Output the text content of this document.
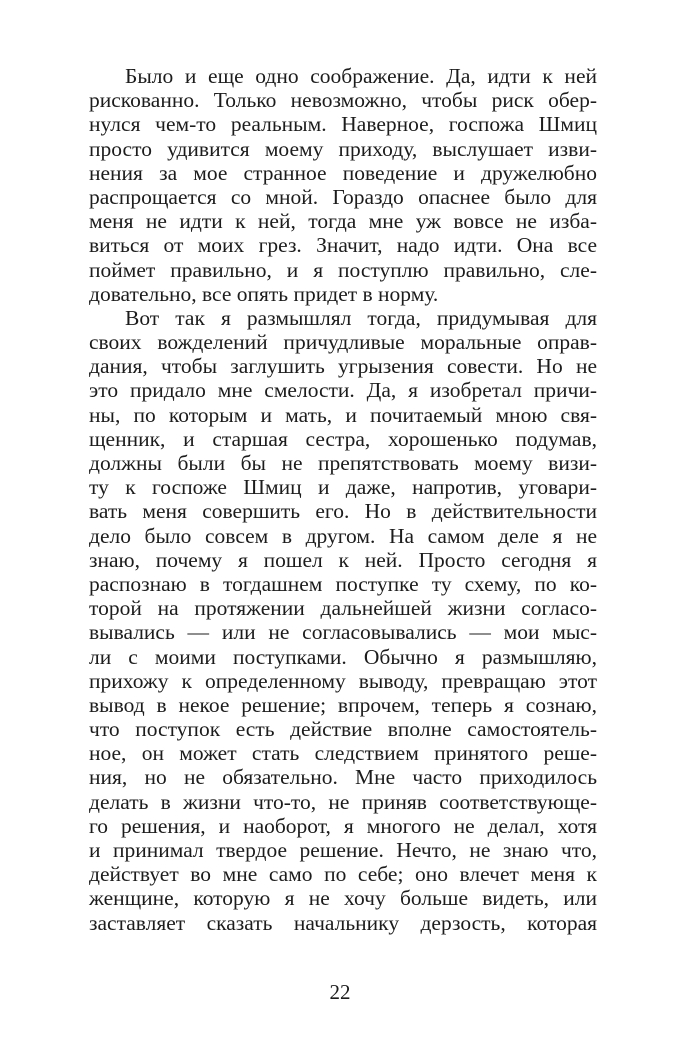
Было и еще одно соображение. Да, идти к ней
рискованно. Только невозможно, чтобы риск обер-
нулся чем-то реальным. Наверное, госпожа Шмиц
просто удивится моему приходу, выслушает изви-
нения за мое странное поведение и дружелюбно
распрощается со мной. Гораздо опаснее было для
меня не идти к ней, тогда мне уж вовсе не избa-
виться от моих грез. Значит, надо идти. Она все
поймет правильно, и я поступлю правильно, сле-
довательно, все опять придет в норму.
Вот так я размышлял тогда, придумывая для
своих вожделений причудливые моральные оправ-
дания, чтобы заглушить угрызения совести. Но не
это придало мне смелости. Да, я изобретал причи-
ны, по которым и мать, и почитаемый мною свя-
щенник, и старшая сестра, хорошенько подумав,
должны были бы не препятствовать моему визи-
ту к госпоже Шмиц и даже, напротив, уговари-
вать меня совершить его. Но в действительности
дело было совсем в другом. На самом деле я не
знаю, почему я пошел к ней. Просто сегодня я
распознаю в тогдашнем поступке ту схему, по ко-
торой на протяжении дальнейшей жизни согласо-
вывались — или не согласовывались — мои мыс-
ли с моими поступками. Обычно я размышляю,
прихожу к определенному выводу, превращаю этот
вывод в некое решение; впрочем, теперь я сознаю,
что поступок есть действие вполне самостоятель-
ное, он может стать следствием принятого реше-
ния, но не обязательно. Мне часто приходилось
делать в жизни что-то, не приняв соответствующе-
го решения, и наоборот, я многого не делал, хотя
и принимал твердое решение. Нечто, не знаю что,
действует во мне само по себе; оно влечет меня к
женщине, которую я не хочу больше видеть, или
заставляет сказать начальнику дерзость, которая
22
